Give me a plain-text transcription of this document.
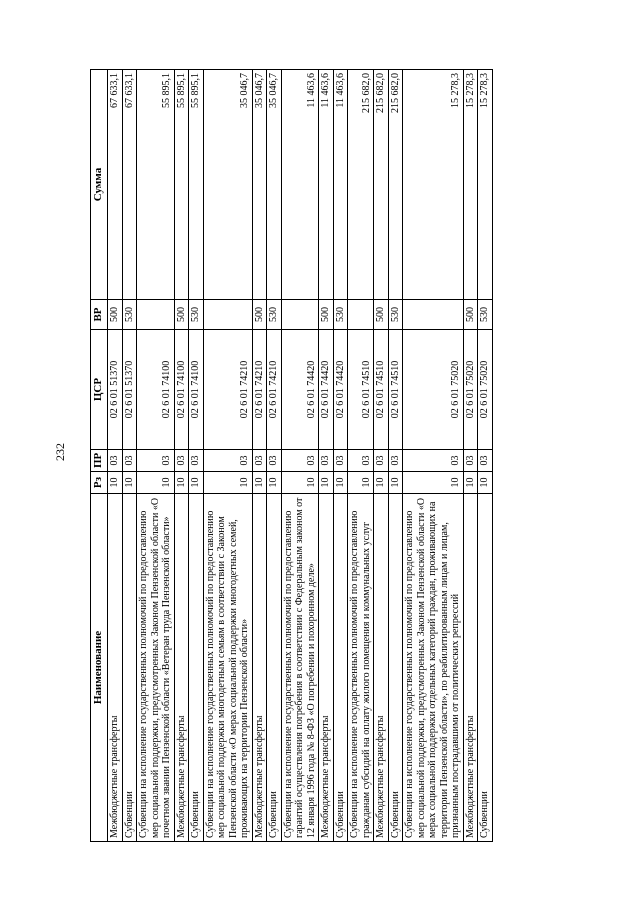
232
Наименование	Рз	ПР	ЦСР	ВР	Сумма
Межбюджетные трансферты	10	03	02 6 01 51370	500	67 633,1
Субвенции	10	03	02 6 01 51370	530	67 633,1
Субвенции на исполнение государственных полномочий по предоставлению мер социальной поддержки, предусмотренных Законом Пензенской области «О почетном звании Пензенской области «Ветеран труда Пензенской области»	10	03	02 6 01 74100		55 895,1
Межбюджетные трансферты	10	03	02 6 01 74100	500	55 895,1
Субвенции	10	03	02 6 01 74100	530	55 895,1
Субвенции на исполнение государственных полномочий по предоставлению мер социальной поддержки многодетным семьям в соответствии с Законом Пензенской области «О мерах социальной поддержки многодетных семей, проживающих на территории Пензенской области»	10	03	02 6 01 74210		35 046,7
Межбюджетные трансферты	10	03	02 6 01 74210	500	35 046,7
Субвенции	10	03	02 6 01 74210	530	35 046,7
Субвенции на исполнение государственных полномочий по предоставлению гарантий осуществления погребения в соответствии с Федеральным законом от 12 января 1996 года № 8-ФЗ «О погребении и похоронном деле»	10	03	02 6 01 74420		11 463,6
Межбюджетные трансферты	10	03	02 6 01 74420	500	11 463,6
Субвенции	10	03	02 6 01 74420	530	11 463,6
Субвенции на исполнение государственных полномочий по предоставлению гражданам субсидий на оплату жилого помещения и коммунальных услуг	10	03	02 6 01 74510		215 682,0
Межбюджетные трансферты	10	03	02 6 01 74510	500	215 682,0
Субвенции	10	03	02 6 01 74510	530	215 682,0
Субвенции на исполнение государственных полномочий по предоставлению мер социальной поддержки, предусмотренных Законом Пензенской области «О мерах социальной поддержки отдельных категорий граждан, проживающих на территории Пензенской области», по реабилитированным лицам и лицам, признанным пострадавшими от политических репрессий	10	03	02 6 01 75020		15 278,3
Межбюджетные трансферты	10	03	02 6 01 75020	500	15 278,3
Субвенции	10	03	02 6 01 75020	530	15 278,3
